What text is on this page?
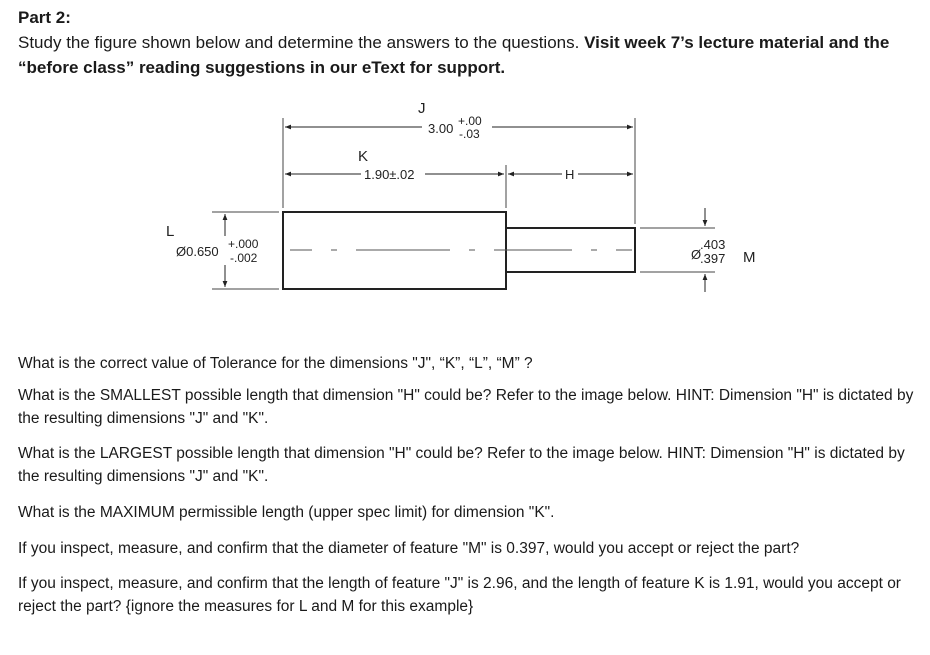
Part 2:
Study the figure shown below and determine the answers to the questions. Visit week 7’s lecture material and the “before class” reading suggestions in our eText for support.
J
3.00 +.00
-.03
K
1.90±.02	H
L
Ø0.650 +.000
-.002	Ø
.403
.397 M
What is the correct value of Tolerance for the dimensions "J", “K”, “L”, “M” ?
What is the SMALLEST possible length that dimension "H" could be? Refer to the image below. HINT: Dimension "H" is dictated by the resulting dimensions "J" and "K".
What is the LARGEST possible length that dimension "H" could be? Refer to the image below. HINT: Dimension "H" is dictated by the resulting dimensions "J" and "K".
What is the MAXIMUM permissible length (upper spec limit) for dimension "K".
If you inspect, measure, and confirm that the diameter of feature "M" is 0.397, would you accept or reject the part?
If you inspect, measure, and confirm that the length of feature "J" is 2.96, and the length of feature K is 1.91, would you accept or reject the part? {ignore the measures for L and M for this example}
